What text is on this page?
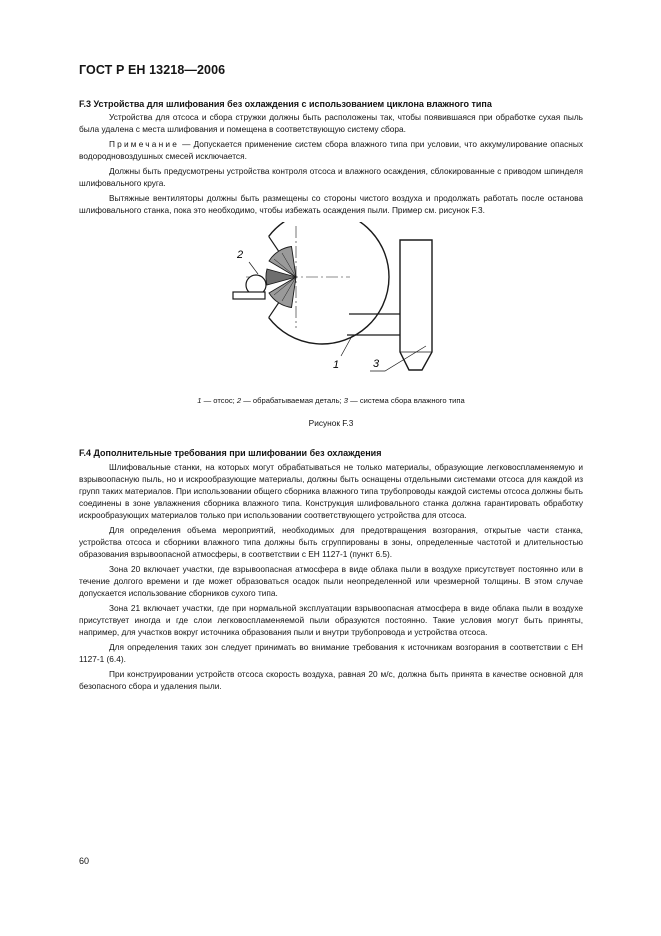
ГОСТ Р ЕН 13218—2006
F.3 Устройства для шлифования без охлаждения с использованием циклона влажного типа

Устройства для отсоса и сбора стружки должны быть расположены так, чтобы появившаяся при обработке сухая пыль была удалена с места шлифования и помещена в соответствующую систему сбора.

Примечание — Допускается применение систем сбора влажного типа при условии, что аккумулирование опасных водородновоздушных смесей исключается.

Должны быть предусмотрены устройства контроля отсоса и влажного осаждения, сблокированные с приводом шпинделя шлифовального круга.

Вытяжные вентиляторы должны быть размещены со стороны чистого воздуха и продолжать работать после останова шлифовального станка, пока это необходимо, чтобы избежать осаждения пыли. Пример см. рисунок F.3.

2
1	3
1 — отсос; 2 — обрабатываемая деталь; 3 — система сбора влажного типа
Рисунок F.3
F.4 Дополнительные требования при шлифовании без охлаждения

Шлифовальные станки, на которых могут обрабатываться не только материалы, образующие легковоспламеняемую и взрывоопасную пыль, но и искрообразующие материалы, должны быть оснащены отдельными системами отсоса для каждой из групп таких материалов. При использовании общего сборника влажного типа трубопроводы каждой системы отсоса должны быть соединены в зоне увлажнения сборника влажного типа. Конструкция шлифовального станка должна гарантировать обработку искрообразующих материалов только при использовании соответствующего устройства для отсоса.

Для определения объема мероприятий, необходимых для предотвращения возгорания, открытые части станка, устройства отсоса и сборники влажного типа должны быть сгруппированы в зоны, определенные частотой и длительностью образования взрывоопасной атмосферы, в соответствии с ЕН 1127-1 (пункт 6.5).

Зона 20 включает участки, где взрывоопасная атмосфера в виде облака пыли в воздухе присутствует постоянно или в течение долгого времени и где может образоваться осадок пыли неопределенной или чрезмерной толщины. В этом случае допускается использование сборников сухого типа.

Зона 21 включает участки, где при нормальной эксплуатации взрывоопасная атмосфера в виде облака пыли в воздухе присутствует иногда и где слои легковоспламеняемой пыли образуются постоянно. Такие условия могут быть приняты, например, для участков вокруг источника образования пыли и внутри трубопровода и устройства отсоса.

Для определения таких зон следует принимать во внимание требования к источникам возгорания в соответствии с ЕН 1127-1 (6.4).

При конструировании устройств отсоса скорость воздуха, равная 20 м/с, должна быть принята в качестве основной для безопасного сбора и удаления пыли.

60
